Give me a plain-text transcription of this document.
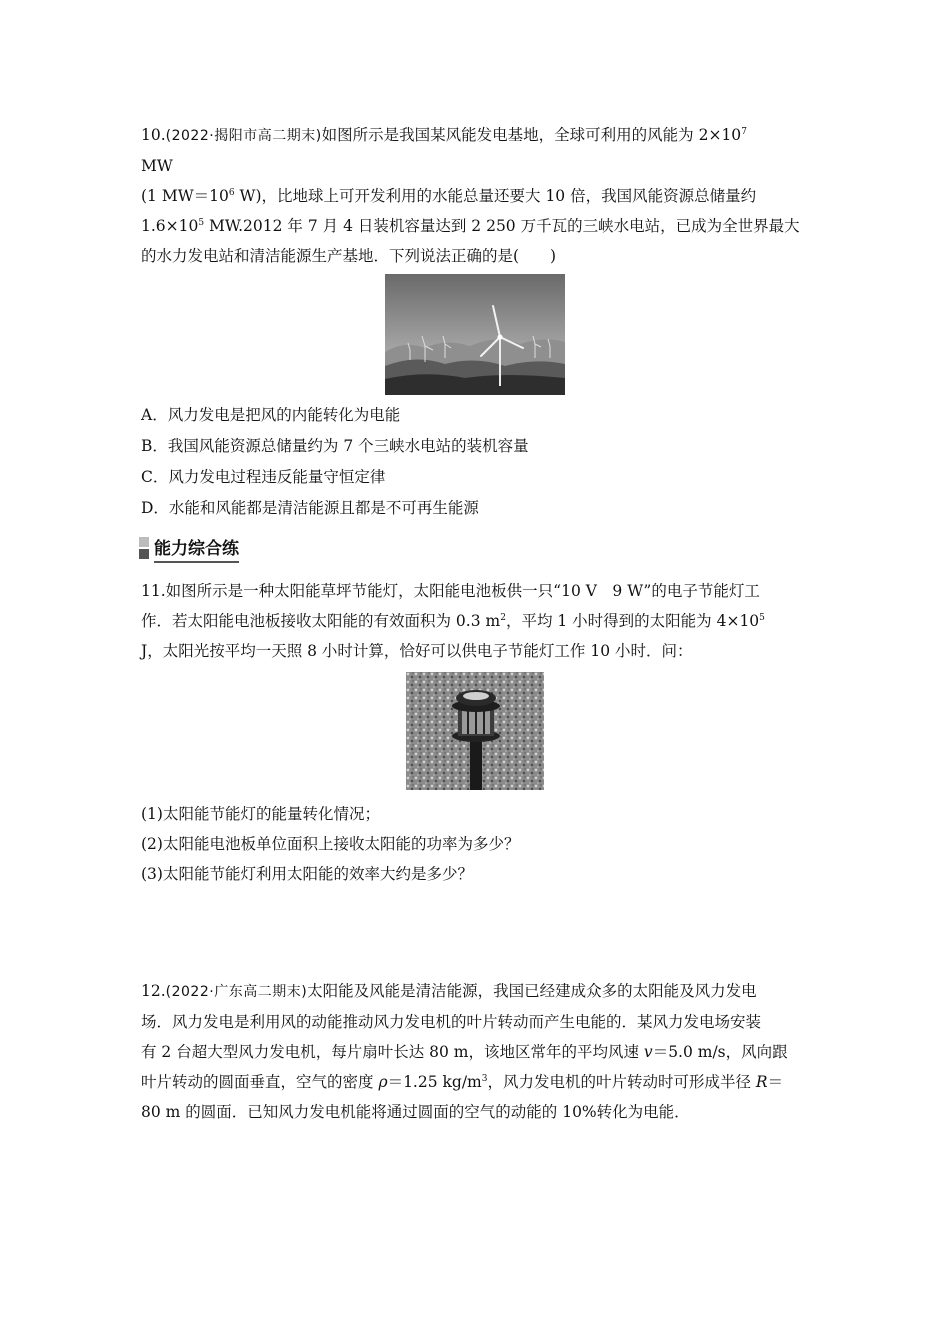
10.(2022·揭阳市高二期末)如图所示是我国某风能发电基地，全球可利用的风能为 $2\times 10^7$
MW
(1 $MW=10^6$ W)，比地球上可开发利用的水能总量还要大 10 倍，我国风能资源总储量约
$1.6\times 10^5$ MW.2012 年 7 月 4 日装机容量达到 2 250 万千瓦的三峡水电站，已成为全世界最大
的水力发电站和清洁能源生产基地．下列说法正确的是(　　)
A．风力发电是把风的内能转化为电能
B．我国风能资源总储量约为 7 个三峡水电站的装机容量
C．风力发电过程违反能量守恒定律
D．水能和风能都是清洁能源且都是不可再生能源
能力综合练
11.如图所示是一种太阳能草坪节能灯，太阳能电池板供一只“10 V　9 W”的电子节能灯工
作．若太阳能电池板接收太阳能的有效面积为 0.3 $m^2$，平均 1 小时得到的太阳能为 $4\times 10^5$
J，太阳光按平均一天照 8 小时计算，恰好可以供电子节能灯工作 10 小时．问：
(1)太阳能节能灯的能量转化情况；
(2)太阳能电池板单位面积上接收太阳能的功率为多少？
(3)太阳能节能灯利用太阳能的效率大约是多少？
12.(2022·广东高二期末)太阳能及风能是清洁能源，我国已经建成众多的太阳能及风力发电
场．风力发电是利用风的动能推动风力发电机的叶片转动而产生电能的．某风力发电场安装
有 2 台超大型风力发电机，每片扇叶长达 80 m，该地区常年的平均风速 v＝5.0 m/s，风向跟
叶片转动的圆面垂直，空气的密度 ρ＝1.25 $kg/m^3$，风力发电机的叶片转动时可形成半径 R＝
80 m 的圆面．已知风力发电机能将通过圆面的空气的动能的 10%转化为电能．
